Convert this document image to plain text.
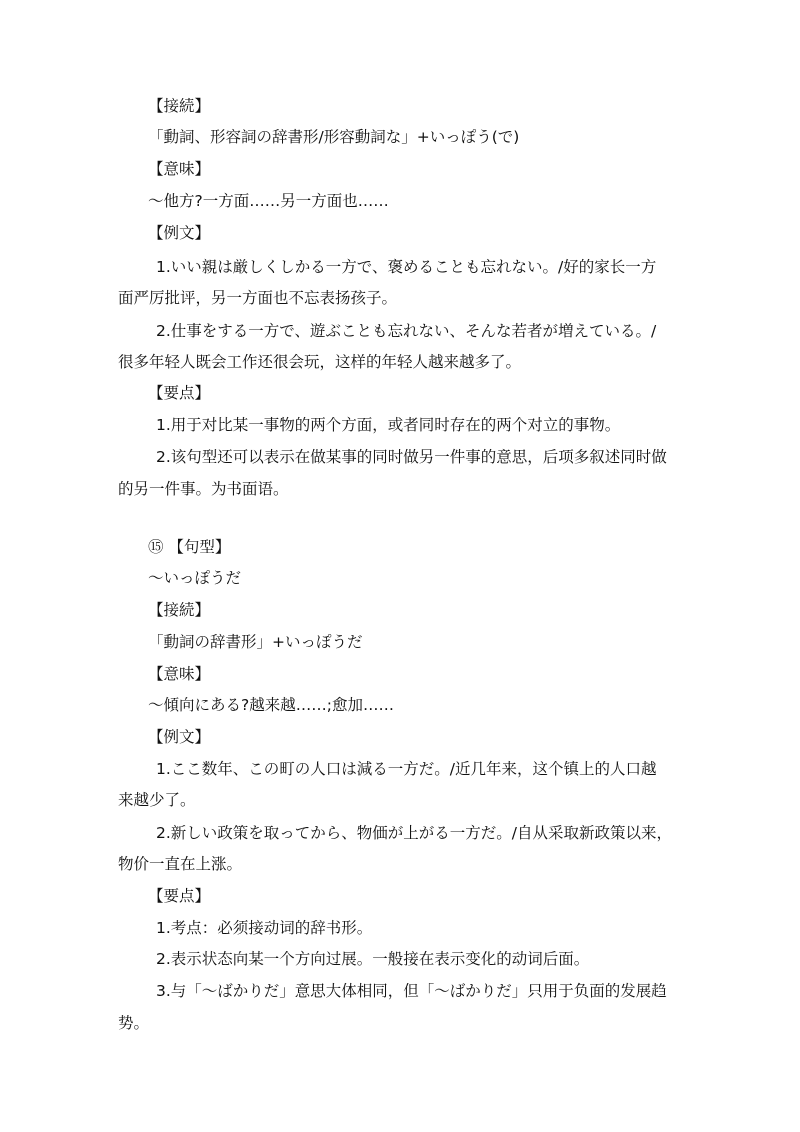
【接続】
「動詞、形容詞の辞書形/形容動詞な」+いっぽう(で)
【意味】
～他方?一方面……另一方面也……
【例文】
1.いい親は厳しくしかる一方で、褒めることも忘れない。/好的家长一方
面严厉批评，另一方面也不忘表扬孩子。
2.仕事をする一方で、遊ぶことも忘れない、そんな若者が増えている。/
很多年轻人既会工作还很会玩，这样的年轻人越来越多了。
【要点】
1.用于对比某一事物的两个方面，或者同时存在的两个对立的事物。
2.该句型还可以表示在做某事的同时做另一件事的意思，后项多叙述同时做
的另一件事。为书面语。
⑮ 【句型】
～いっぽうだ
【接続】
「動詞の辞書形」+いっぽうだ
【意味】
～傾向にある?越来越……;愈加……
【例文】
1.ここ数年、この町の人口は減る一方だ。/近几年来，这个镇上的人口越
来越少了。
2.新しい政策を取ってから、物価が上がる一方だ。/自从采取新政策以来，
物价一直在上涨。
【要点】
1.考点：必须接动词的辞书形。
2.表示状态向某一个方向过展。一般接在表示变化的动词后面。
3.与「～ばかりだ」意思大体相同，但「～ばかりだ」只用于负面的发展趋
势。
